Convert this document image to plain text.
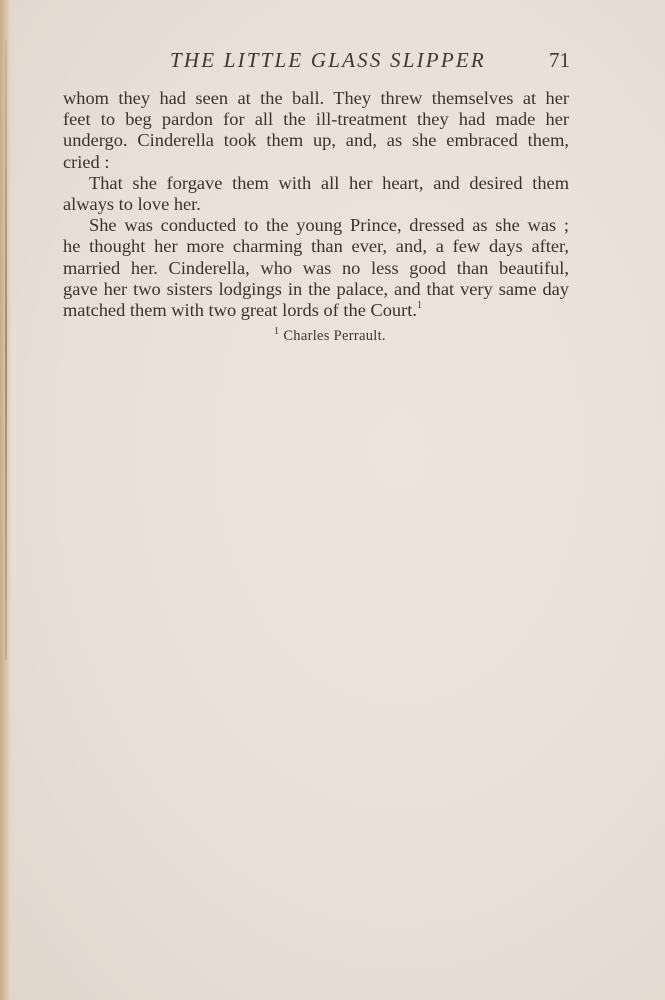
THE LITTLE GLASS SLIPPER	71
whom they had seen at the ball. They threw themselves at her
feet to beg pardon for all the ill-treatment they had made her
undergo. Cinderella took them up, and, as she embraced them,
cried :
That she forgave them with all her heart, and desired them
always to love her.
She was conducted to the young Prince, dressed as she was ;
he thought her more charming than ever, and, a few days after,
married her. Cinderella, who was no less good than beautiful,
gave her two sisters lodgings in the palace, and that very same day
matched them with two great lords of the Court.$^1$
$^1$ Charles Perrault.
